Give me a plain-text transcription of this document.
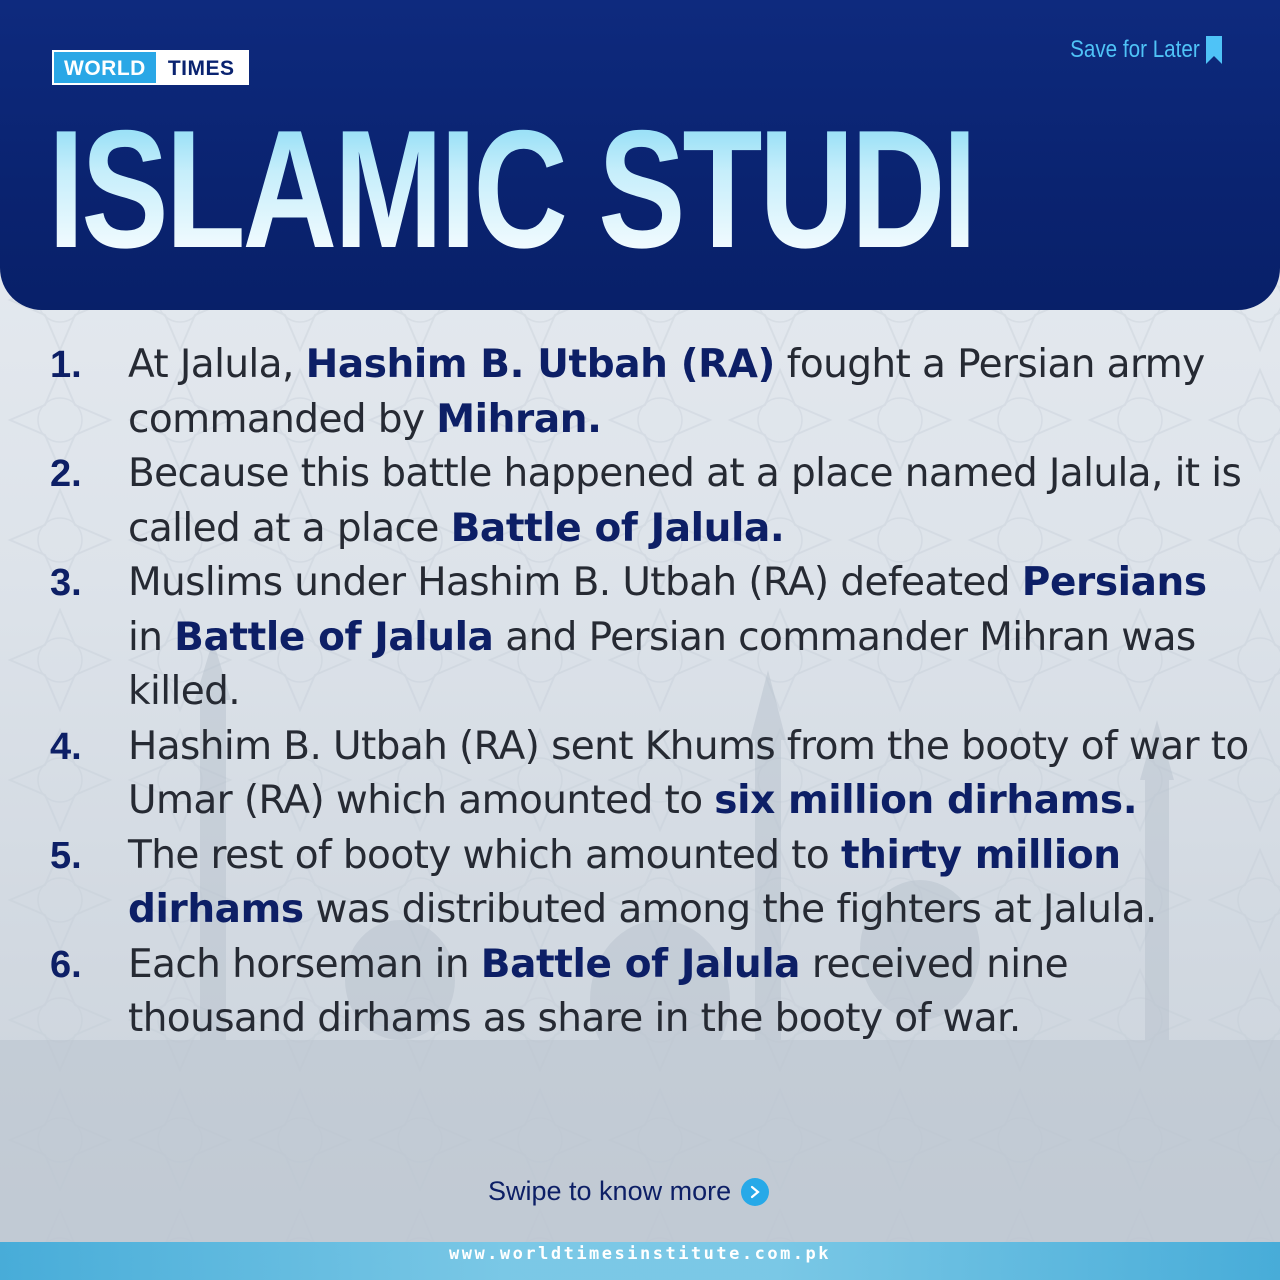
WORLD	TIMES
Save for Later
ISLAMIC STUDIES
1.	At Jalula, Hashim B. Utbah (RA) fought a Persian army commanded by Mihran.
2.	Because this battle happened at a place named Jalula, it is called at a place Battle of Jalula.
3.	Muslims under Hashim B. Utbah (RA) defeated Persians in Battle of Jalula and Persian commander Mihran was killed.
4.	Hashim B. Utbah (RA) sent Khums from the booty of war to Umar (RA) which amounted to six million dirhams.
5.	The rest of booty which amounted to thirty million dirhams was distributed among the fighters at Jalula.
6.	Each horseman in Battle of Jalula received nine thousand dirhams as share in the booty of war.
Swipe to know more
www.worldtimesinstitute.com.pk
